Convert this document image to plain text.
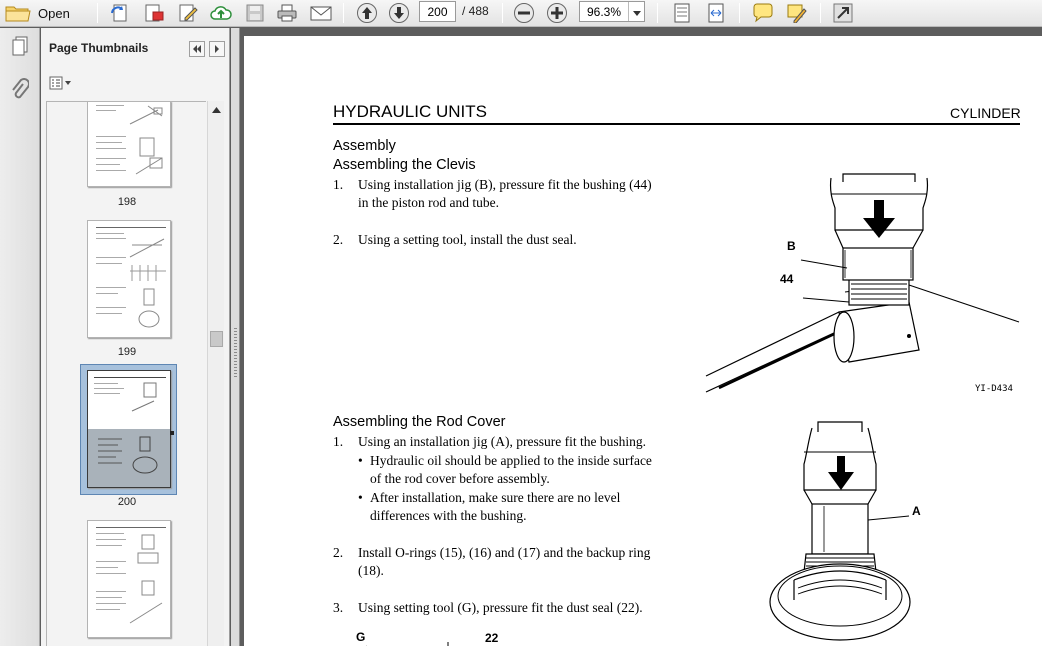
Open
200	/ 488
96.3%
Page Thumbnails
198
199
200
HYDRAULIC UNITS	CYLINDER
Assembly
Assembling the Clevis
1. Using installation jig (B), pressure fit the bushing (44)
in the piston rod and tube.
2. Using a setting tool, install the dust seal.	B
44
YI-D434
Assembling the Rod Cover
1. Using an installation jig (A), pressure fit the bushing.
• Hydraulic oil should be applied to the inside surface
of the rod cover before assembly.
• After installation, make sure there are no level
differences with the bushing.
2. Install O-rings (15), (16) and (17) and the backup ring
(18).
3. Using setting tool (G), pressure fit the dust seal (22).
A
G	22
